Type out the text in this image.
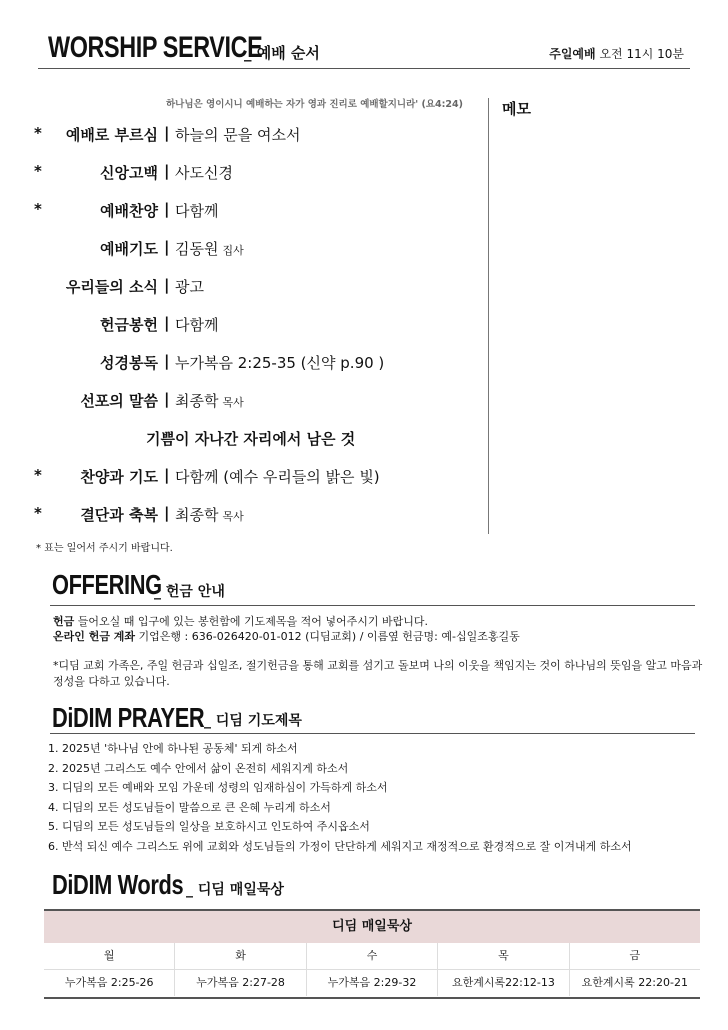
WORSHIP SERVICE
_ 예배 순서	주일예배 오전 11시 10분
하나님은 영이시니 예배하는 자가 영과 진리로 예배할지니라' (요4:24)	메모
* 예배로 부르심 | 하늘의 문을 여소서
*	신앙고백 | 사도신경
*	예배찬양 | 다함께
예배기도 | 김동원 집사
우리들의 소식 | 광고
헌금봉헌 | 다함께
성경봉독 | 누가복음 2:25-35 (신약 p.90 )
선포의 말씀 | 최종학 목사
기쁨이 자나간 자리에서 남은 것
*	찬양과 기도 | 다함께 (예수 우리들의 밝은 빛)
*	결단과 축복 | 최종학 목사
* 표는 일어서 주시기 바랍니다.
OFFERING
_ 헌금 안내

헌금 들어오실 때 입구에 있는 봉헌함에 기도제목을 적어 넣어주시기 바랍니다.

온라인 헌금 계좌 기업은행 : 636-026420-01-012 (디딤교회) / 이름옆 헌금명: 예-십일조홍길동

*디딤 교회 가족은, 주일 헌금과 십일조, 절기헌금을 통해 교회를 섬기고 돌보며 나의 이웃을 책임지는 것이 하나님의 뜻임을 알고 마음과 정성을 다하고 있습니다.
DiDIM PRAYER _ 디딤 기도제목
1. 2025년 '하나님 안에 하나된 공동체' 되게 하소서
2. 2025년 그리스도 예수 안에서 삶이 온전히 세워지게 하소서
3. 디딤의 모든 예배와 모임 가운데 성령의 임재하심이 가득하게 하소서
4. 디딤의 모든 성도님들이 말씀으로 큰 은혜 누리게 하소서
5. 디딤의 모든 성도님들의 일상을 보호하시고 인도하여 주시옵소서
6. 반석 되신 예수 그리스도 위에 교회와 성도님들의 가정이 단단하게 세워지고 재정적으로 환경적으로 잘 이겨내게 하소서
DiDIM Words _ 디딤 매일묵상
디딤 매일묵상
월	화	수	목	금
누가복음 2:25-26	누가복음 2:27-28	누가복음 2:29-32	요한계시록22:12-13	요한계시록 22:20-21
